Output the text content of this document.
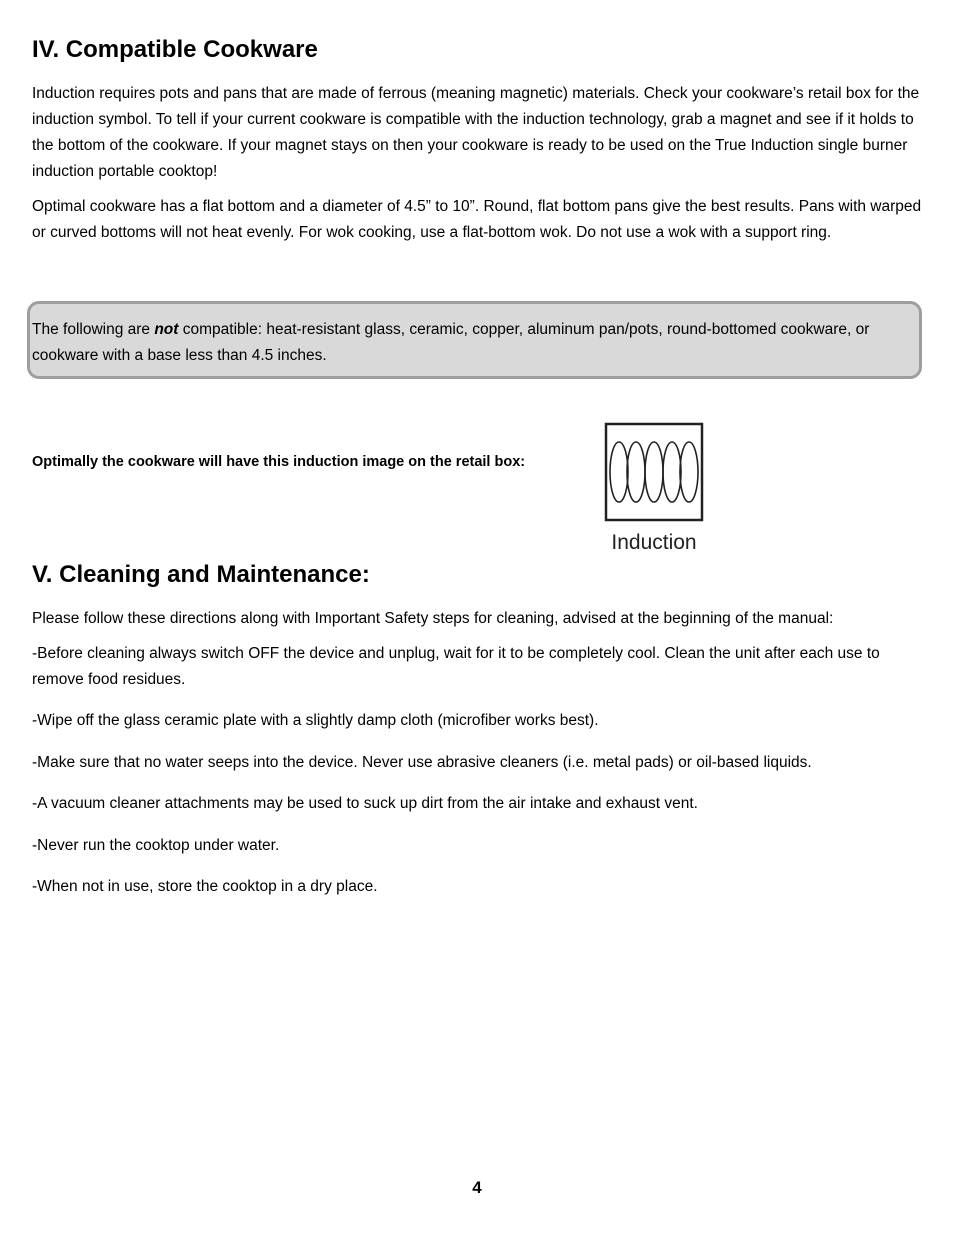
IV. Compatible Cookware

Induction requires pots and pans that are made of ferrous (meaning magnetic) materials. Check your cookware’s retail box for the induction symbol. To tell if your current cookware is compatible with the induction technology, grab a magnet and see if it holds to the bottom of the cookware. If your magnet stays on then your cookware is ready to be used on the True Induction single burner induction portable cooktop!

Optimal cookware has a flat bottom and a diameter of 4.5” to 10”. Round, flat bottom pans give the best results. Pans with warped or curved bottoms will not heat evenly. For wok cooking, use a flat-bottom wok. Do not use a wok with a support ring.

The following are not compatible: heat-resistant glass, ceramic, copper, aluminum pan/pots, round-bottomed cookware, or cookware with a base less than 4.5 inches.

Optimally the cookware will have this induction image on the retail box:
Induction
V. Cleaning and Maintenance:

Please follow these directions along with Important Safety steps for cleaning, advised at the beginning of the manual:

-Before cleaning always switch OFF the device and unplug, wait for it to be completely cool. Clean the unit after each use to remove food residues.

-Wipe off the glass ceramic plate with a slightly damp cloth (microfiber works best).

-Make sure that no water seeps into the device. Never use abrasive cleaners (i.e. metal pads) or oil-based liquids.

-A vacuum cleaner attachments may be used to suck up dirt from the air intake and exhaust vent.

-Never run the cooktop under water.

-When not in use, store the cooktop in a dry place.

4
